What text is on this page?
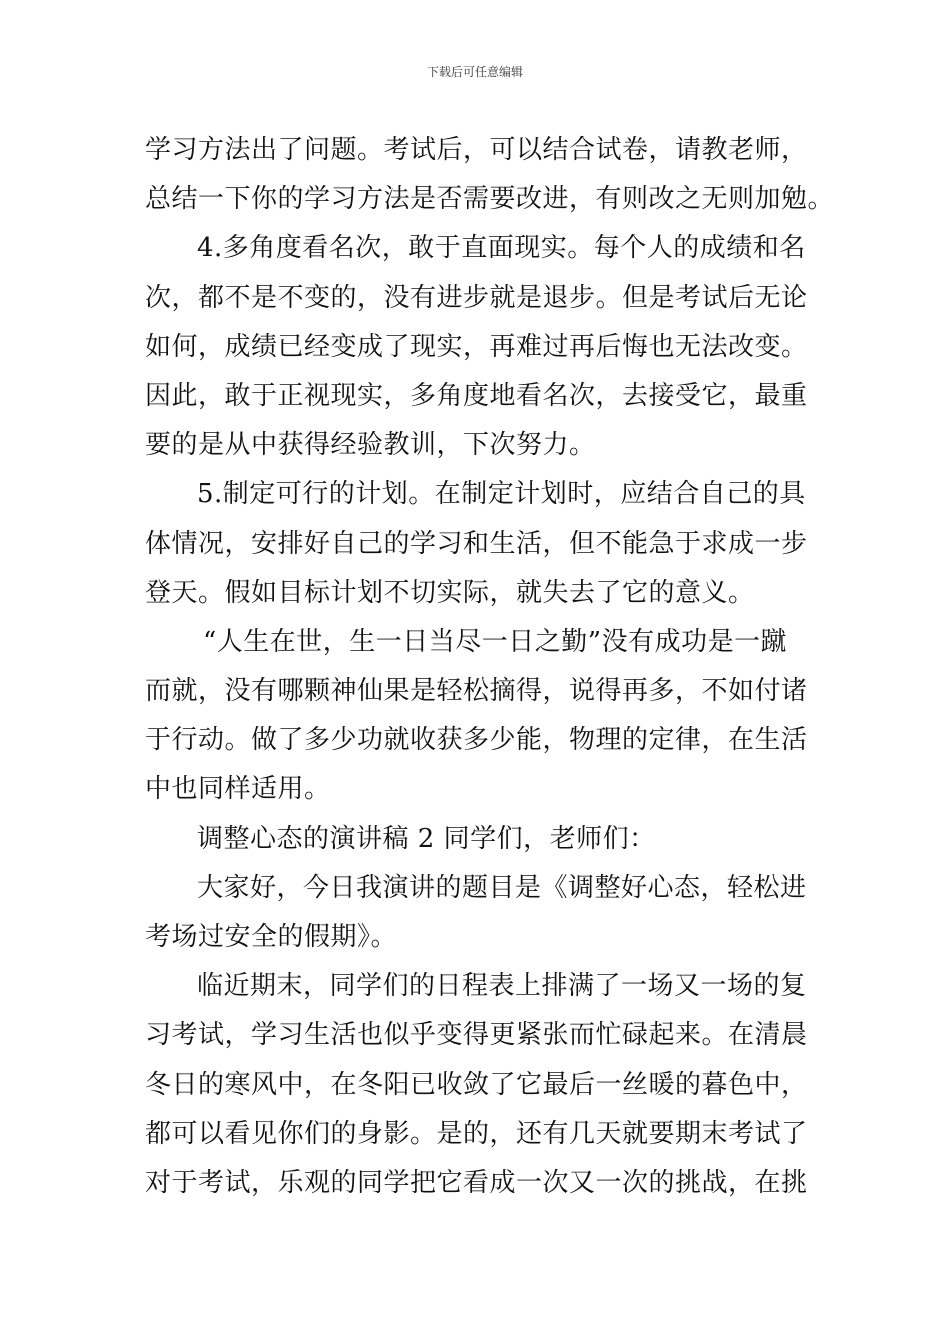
下载后可任意编辑
学习方法出了问题。考试后，可以结合试卷，请教老师，
总结一下你的学习方法是否需要改进，有则改之无则加勉。
4.多角度看名次，敢于直面现实。每个人的成绩和名
次，都不是不变的，没有进步就是退步。但是考试后无论
如何，成绩已经变成了现实，再难过再后悔也无法改变。
因此，敢于正视现实，多角度地看名次，去接受它，最重
要的是从中获得经验教训，下次努力。
5.制定可行的计划。在制定计划时，应结合自己的具
体情况，安排好自己的学习和生活，但不能急于求成一步
登天。假如目标计划不切实际，就失去了它的意义。
“人生在世，生一日当尽一日之勤”没有成功是一蹴
而就，没有哪颗神仙果是轻松摘得，说得再多，不如付诸
于行动。做了多少功就收获多少能，物理的定律，在生活
中也同样适用。
调整心态的演讲稿 2 同学们，老师们：
大家好，今日我演讲的题目是《调整好心态，轻松进
考场过安全的假期》。
临近期末，同学们的日程表上排满了一场又一场的复
习考试，学习生活也似乎变得更紧张而忙碌起来。在清晨
冬日的寒风中，在冬阳已收敛了它最后一丝暖的暮色中，
都可以看见你们的身影。是的，还有几天就要期末考试了
对于考试，乐观的同学把它看成一次又一次的挑战，在挑
